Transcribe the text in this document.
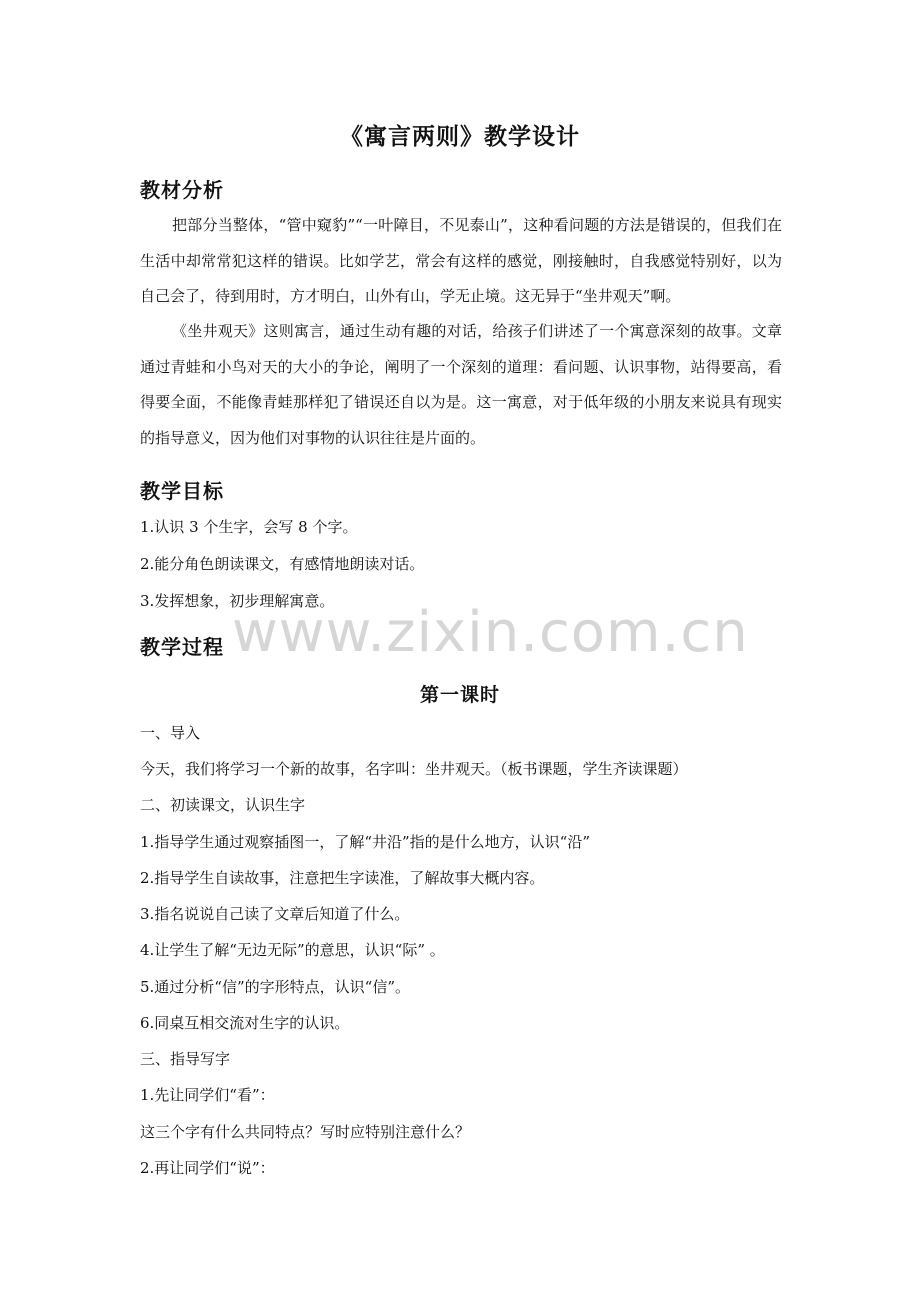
《寓言两则》教学设计
教材分析

把部分当整体，“管中窥豹”“一叶障目，不见泰山”，这种看问题的方法是错误的，但我们在生活中却常常犯这样的错误。比如学艺，常会有这样的感觉，刚接触时，自我感觉特别好，以为自己会了，待到用时，方才明白，山外有山，学无止境。这无异于“坐井观天”啊。

《坐井观天》这则寓言，通过生动有趣的对话，给孩子们讲述了一个寓意深刻的故事。文章通过青蛙和小鸟对天的大小的争论，阐明了一个深刻的道理：看问题、认识事物，站得要高，看得要全面，不能像青蛙那样犯了错误还自以为是。这一寓意，对于低年级的小朋友来说具有现实的指导意义，因为他们对事物的认识往往是片面的。

教学目标

1.认识 3 个生字，会写 8 个字。

2.能分角色朗读课文，有感情地朗读对话。

3.发挥想象，初步理解寓意。

www.zixin.com.cn
教学过程
第一课时

一、导入

今天，我们将学习一个新的故事，名字叫：坐井观天。（板书课题，学生齐读课题）

二、初读课文，认识生字

1.指导学生通过观察插图一，了解“井沿”指的是什么地方，认识“沿”

2.指导学生自读故事，注意把生字读准，了解故事大概内容。

3.指名说说自己读了文章后知道了什么。

4.让学生了解“无边无际”的意思，认识“际” 。

5.通过分析“信”的字形特点，认识“信”。

6.同桌互相交流对生字的认识。

三、指导写字

1.先让同学们“看”：

这三个字有什么共同特点？写时应特别注意什么？

2.再让同学们“说”：
